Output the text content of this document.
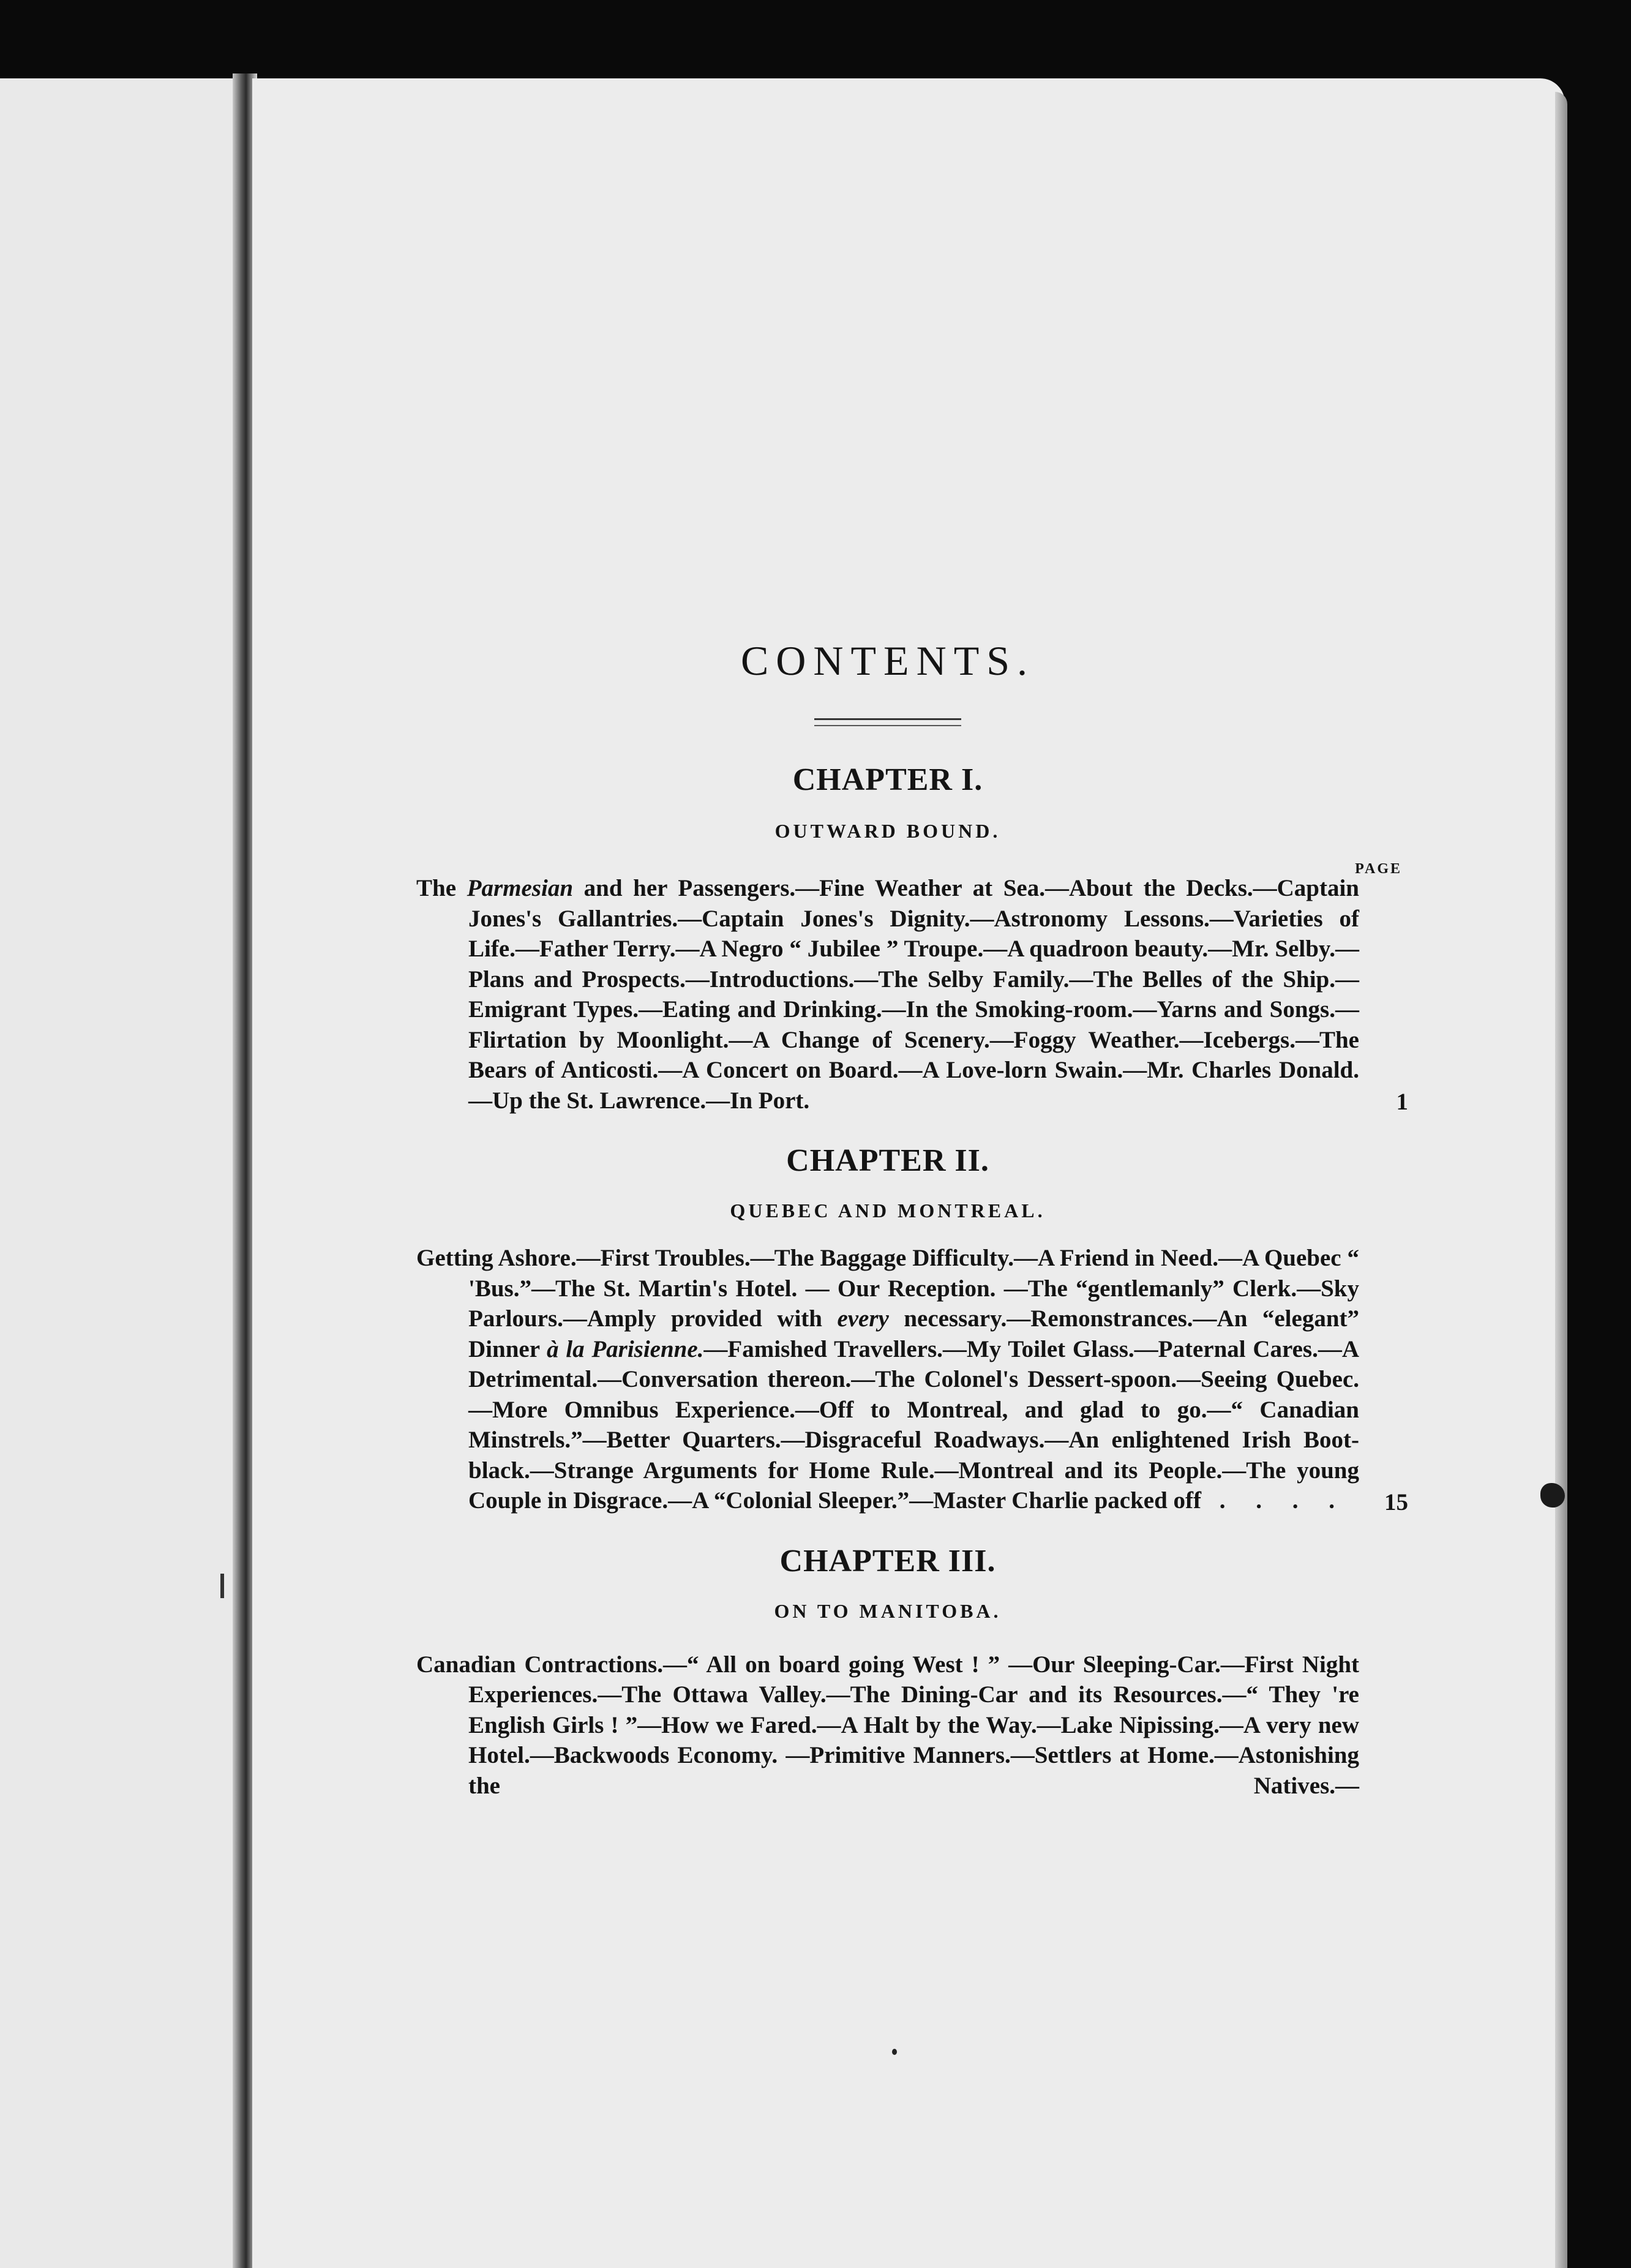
CONTENTS.
CHAPTER I.
OUTWARD BOUND.
PAGE

The Parmesian and her Passengers.—Fine Weather at Sea.—About the Decks.—Captain Jones's Gallantries.—Captain Jones's Dignity.—Astronomy Lessons.—Varieties of Life.—Father Terry.—A Negro “ Jubilee ” Troupe.—A quadroon beauty.—Mr. Selby.—Plans and Prospects.—Introductions.—The Selby Family.—The Belles of the Ship.—Emigrant Types.—Eating and Drinking.—In the Smoking-room.—Yarns and Songs.—Flirtation by Moonlight.—A Change of Scenery.—Foggy Weather.—Icebergs.—The Bears of Anticosti.—A Concert on Board.—A Love-lorn Swain.—Mr. Charles Donald.—Up the St. Lawrence.—In Port.	1
CHAPTER II.
QUEBEC AND MONTREAL.

Getting Ashore.—First Troubles.—The Baggage Difficulty.—A Friend in Need.—A Quebec “ 'Bus.”—The St. Martin's Hotel. — Our Reception. —The “gentlemanly” Clerk.—Sky Parlours.—Amply provided with every necessary.—Remonstrances.—An “elegant” Dinner à la Parisienne.—Famished Travellers.—My Toilet Glass.—Paternal Cares.—A Detrimental.—Conversation thereon.—The Colonel's Dessert-spoon.—Seeing Quebec.—More Omnibus Experience.—Off to Montreal, and glad to go.—“ Canadian Minstrels.”—Better Quarters.—Disgraceful Roadways.—An enlightened Irish Boot-black.—Strange Arguments for Home Rule.—Montreal and its People.—The young Couple in Disgrace.—A “Colonial Sleeper.”—Master Charlie packed off . . . .	15
CHAPTER III.
ON TO MANITOBA.

Canadian Contractions.—“ All on board going West ! ” —Our Sleeping-Car.—First Night Experiences.—The Ottawa Valley.—The Dining-Car and its Resources.—“ They 're English Girls ! ”—How we Fared.—A Halt by the Way.—Lake Nipissing.—A very new Hotel.—Backwoods Economy. —Primitive Manners.—Settlers at Home.—Astonishing the Natives.—
